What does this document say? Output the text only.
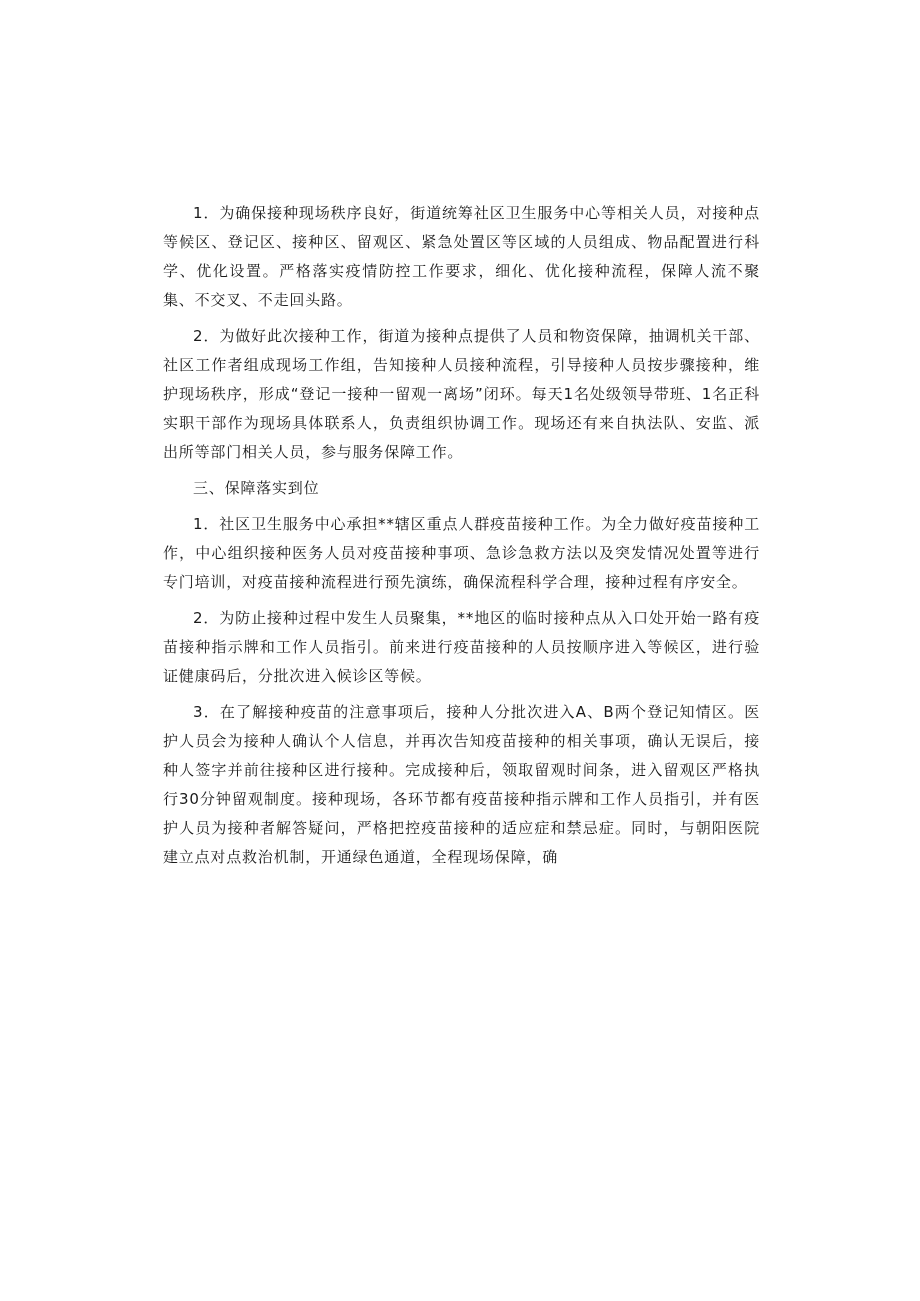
1．为确保接种现场秩序良好，街道统筹社区卫生服务中心等相关人员，对接种点等候区、登记区、接种区、留观区、紧急处置区等区域的人员组成、物品配置进行科学、优化设置。严格落实疫情防控工作要求，细化、优化接种流程，保障人流不聚集、不交叉、不走回头路。

2．为做好此次接种工作，街道为接种点提供了人员和物资保障，抽调机关干部、社区工作者组成现场工作组，告知接种人员接种流程，引导接种人员按步骤接种，维护现场秩序，形成“登记一接种一留观一离场”闭环。每天1名处级领导带班、1名正科实职干部作为现场具体联系人，负责组织协调工作。现场还有来自执法队、安监、派出所等部门相关人员，参与服务保障工作。

三、保障落实到位

1．社区卫生服务中心承担**辖区重点人群疫苗接种工作。为全力做好疫苗接种工作，中心组织接种医务人员对疫苗接种事项、急诊急救方法以及突发情况处置等进行专门培训，对疫苗接种流程进行预先演练，确保流程科学合理，接种过程有序安全。

2．为防止接种过程中发生人员聚集，**地区的临时接种点从入口处开始一路有疫苗接种指示牌和工作人员指引。前来进行疫苗接种的人员按顺序进入等候区，进行验证健康码后，分批次进入候诊区等候。

3．在了解接种疫苗的注意事项后，接种人分批次进入A、B两个登记知情区。医护人员会为接种人确认个人信息，并再次告知疫苗接种的相关事项，确认无误后，接种人签字并前往接种区进行接种。完成接种后，领取留观时间条，进入留观区严格执行30分钟留观制度。接种现场，各环节都有疫苗接种指示牌和工作人员指引，并有医护人员为接种者解答疑问，严格把控疫苗接种的适应症和禁忌症。同时，与朝阳医院建立点对点救治机制，开通绿色通道，全程现场保障，确
